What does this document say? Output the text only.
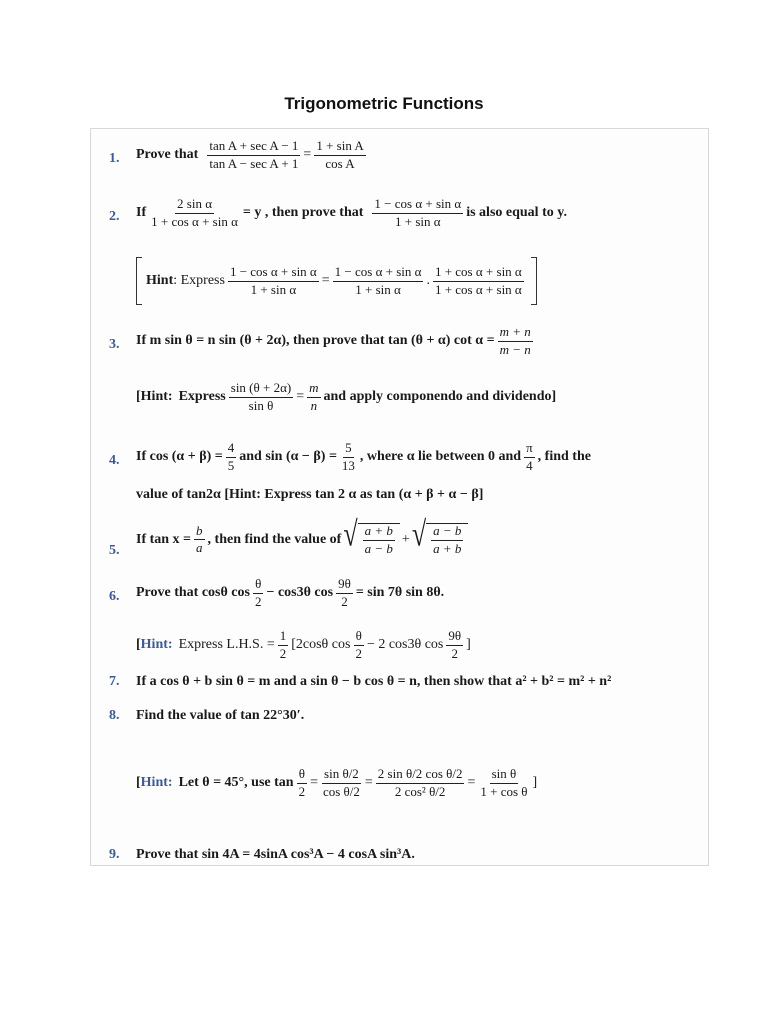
Trigonometric Functions
1. Prove that $\frac{\text{tan A + sec A − 1}}{\text{tan A − sec A + 1}} = \frac{\text{1 + sin A}}{\text{cos A}}$
2. If $\frac{\text{2 sin α}}{\text{1 + cos α + sin α}} = y$ , then prove that $\frac{\text{1 − cos α + sin α}}{\text{1 + sin α}}$ is also equal to y.
Hint : Express $\frac{\text{1 − cos α + sin α}}{\text{1 + sin α}} = \frac{\text{1 − cos α + sin α}}{\text{1 + sin α}}$ . $\frac{\text{1 + cos α + sin α}}{\text{1 + cos α + sin α}}$
3. If m sin θ = n sin (θ + 2α), then prove that tan (θ + α) $\cot \alpha = \frac{m + n}{m - n}$
[ Hint: Express $\frac{\sin (\theta + 2\alpha)}{\text{sin θ}} = \frac{m}{n}$ and apply componendo and dividendo]
4. If $\cos (\alpha + \beta) = \frac{4}{5}$ and $\sin (\alpha - \beta) = \frac{5}{13}$ , where α lie between 0 and $\frac{\pi}{4}$ , find the
value of tan2α [Hint: Express tan 2 α as tan (α + β + α − β]
5.
If $\tan x = \frac{b}{a}$ , then find the value of √ $\frac{a + b}{a - b}$ + √ $\frac{a - b}{a + b}$
6. Prove that cosθ $\cos \frac{\theta}{2} - \cos 3\theta$ $\cos \frac{9\theta}{2} = \sin 7\theta$ sin 8θ.
[ Hint: Express L.H.S. = $\frac{1}{2} [2\cos\theta$ $\cos \frac{\theta}{2} - 2$ cos3θ $\cos \frac{9\theta}{2}$ ]
7. If a cos θ + b sin θ = m and a sin θ − b cos θ = n, then show that a² + b² = m² + n²
8. Find the value of tan 22°30′.
[ Hint: Let θ = 45°, use $\tan \frac{\theta}{2} = \frac{\text{sin θ/2}}{\text{cos θ/2}} = \frac{\text{2 sin θ/2 cos θ/2}}{\text{2 cos² θ/2}} = \frac{\text{sin θ}}{\text{1 + cos θ}}$ ]
9. Prove that sin 4A = 4sinA cos³A − 4 cosA sin³A.
